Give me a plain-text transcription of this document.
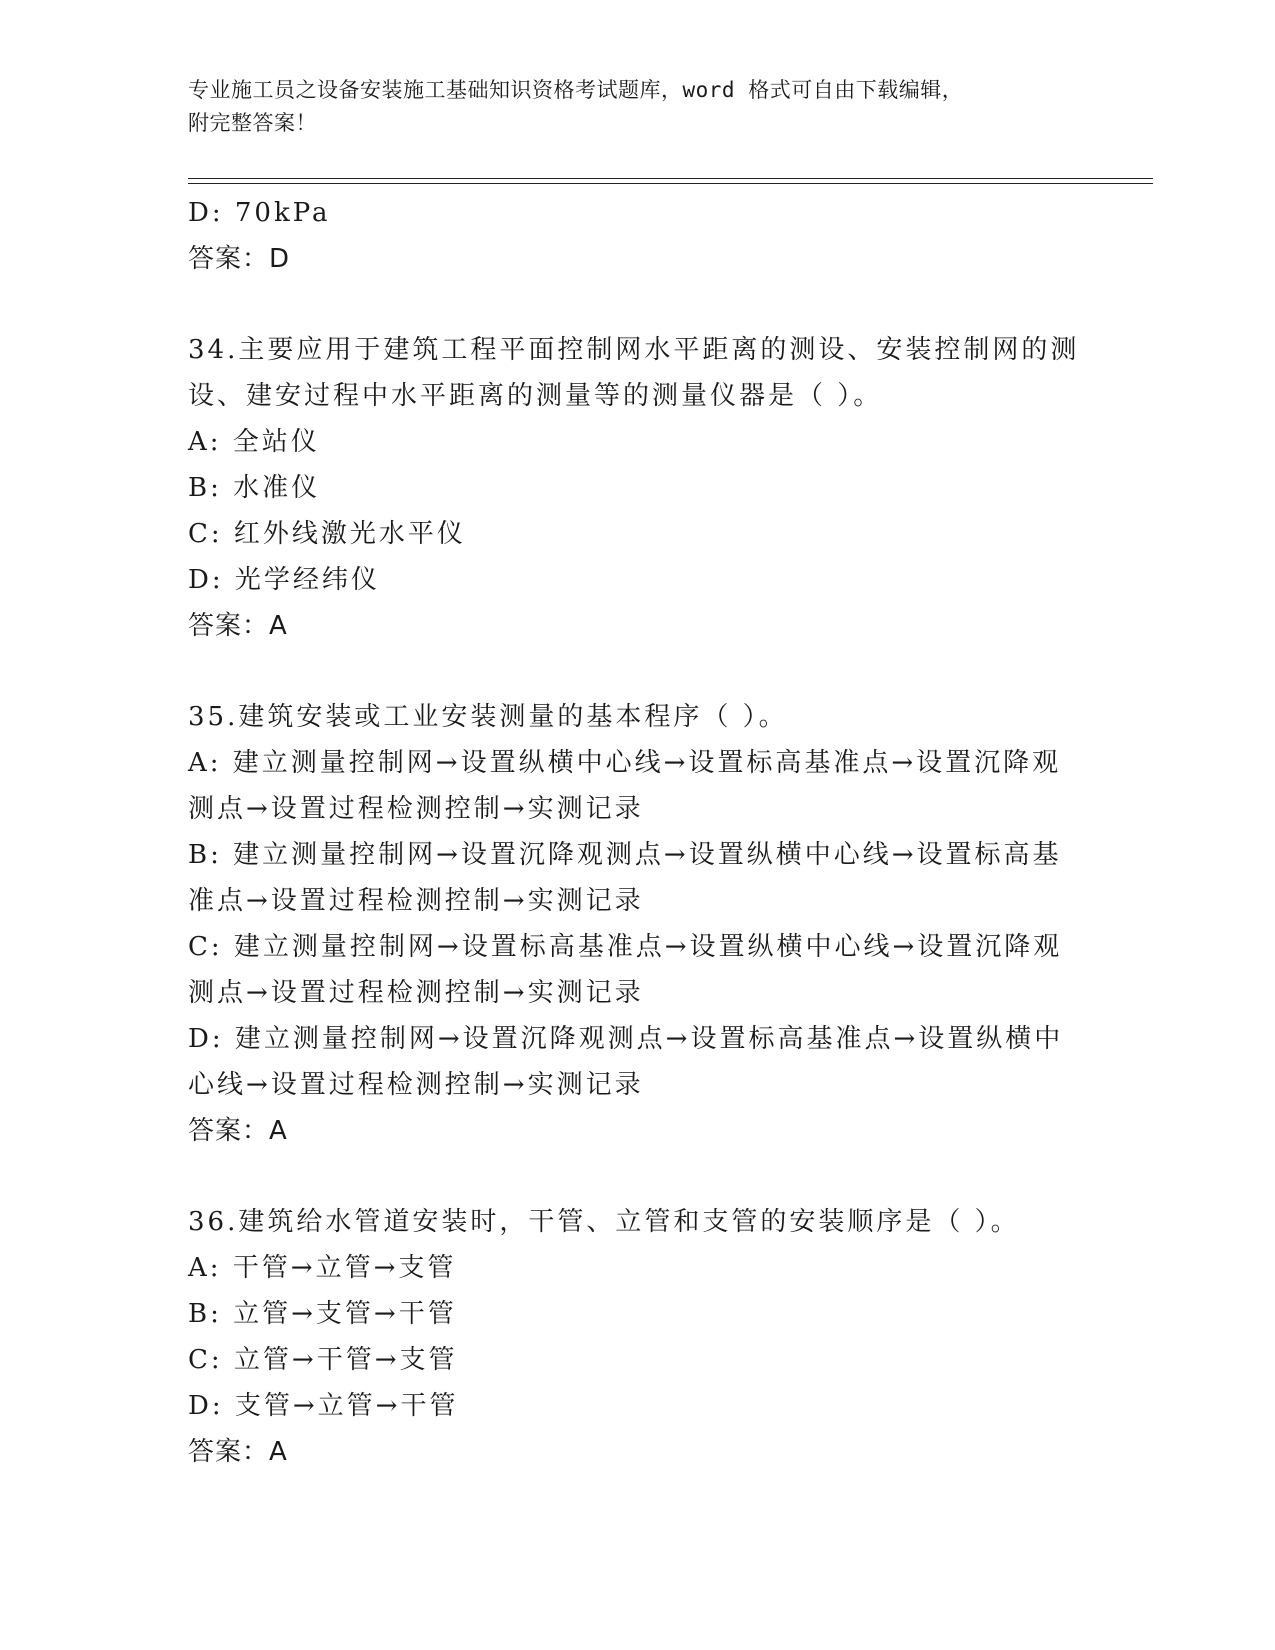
专业施工员之设备安装施工基础知识资格考试题库，word 格式可自由下载编辑，
附完整答案！
D: 70kPa
答案：D
34.主要应用于建筑工程平面控制网水平距离的测设、安装控制网的测
设、建安过程中水平距离的测量等的测量仪器是（ ）。
A: 全站仪
B: 水准仪
C: 红外线激光水平仪
D: 光学经纬仪
答案：A
35.建筑安装或工业安装测量的基本程序（ ）。
A: 建立测量控制网→设置纵横中心线→设置标高基准点→设置沉降观
测点→设置过程检测控制→实测记录
B: 建立测量控制网→设置沉降观测点→设置纵横中心线→设置标高基
准点→设置过程检测控制→实测记录
C: 建立测量控制网→设置标高基准点→设置纵横中心线→设置沉降观
测点→设置过程检测控制→实测记录
D: 建立测量控制网→设置沉降观测点→设置标高基准点→设置纵横中
心线→设置过程检测控制→实测记录
答案：A
36.建筑给水管道安装时，干管、立管和支管的安装顺序是（ ）。
A: 干管→立管→支管
B: 立管→支管→干管
C: 立管→干管→支管
D: 支管→立管→干管
答案：A
